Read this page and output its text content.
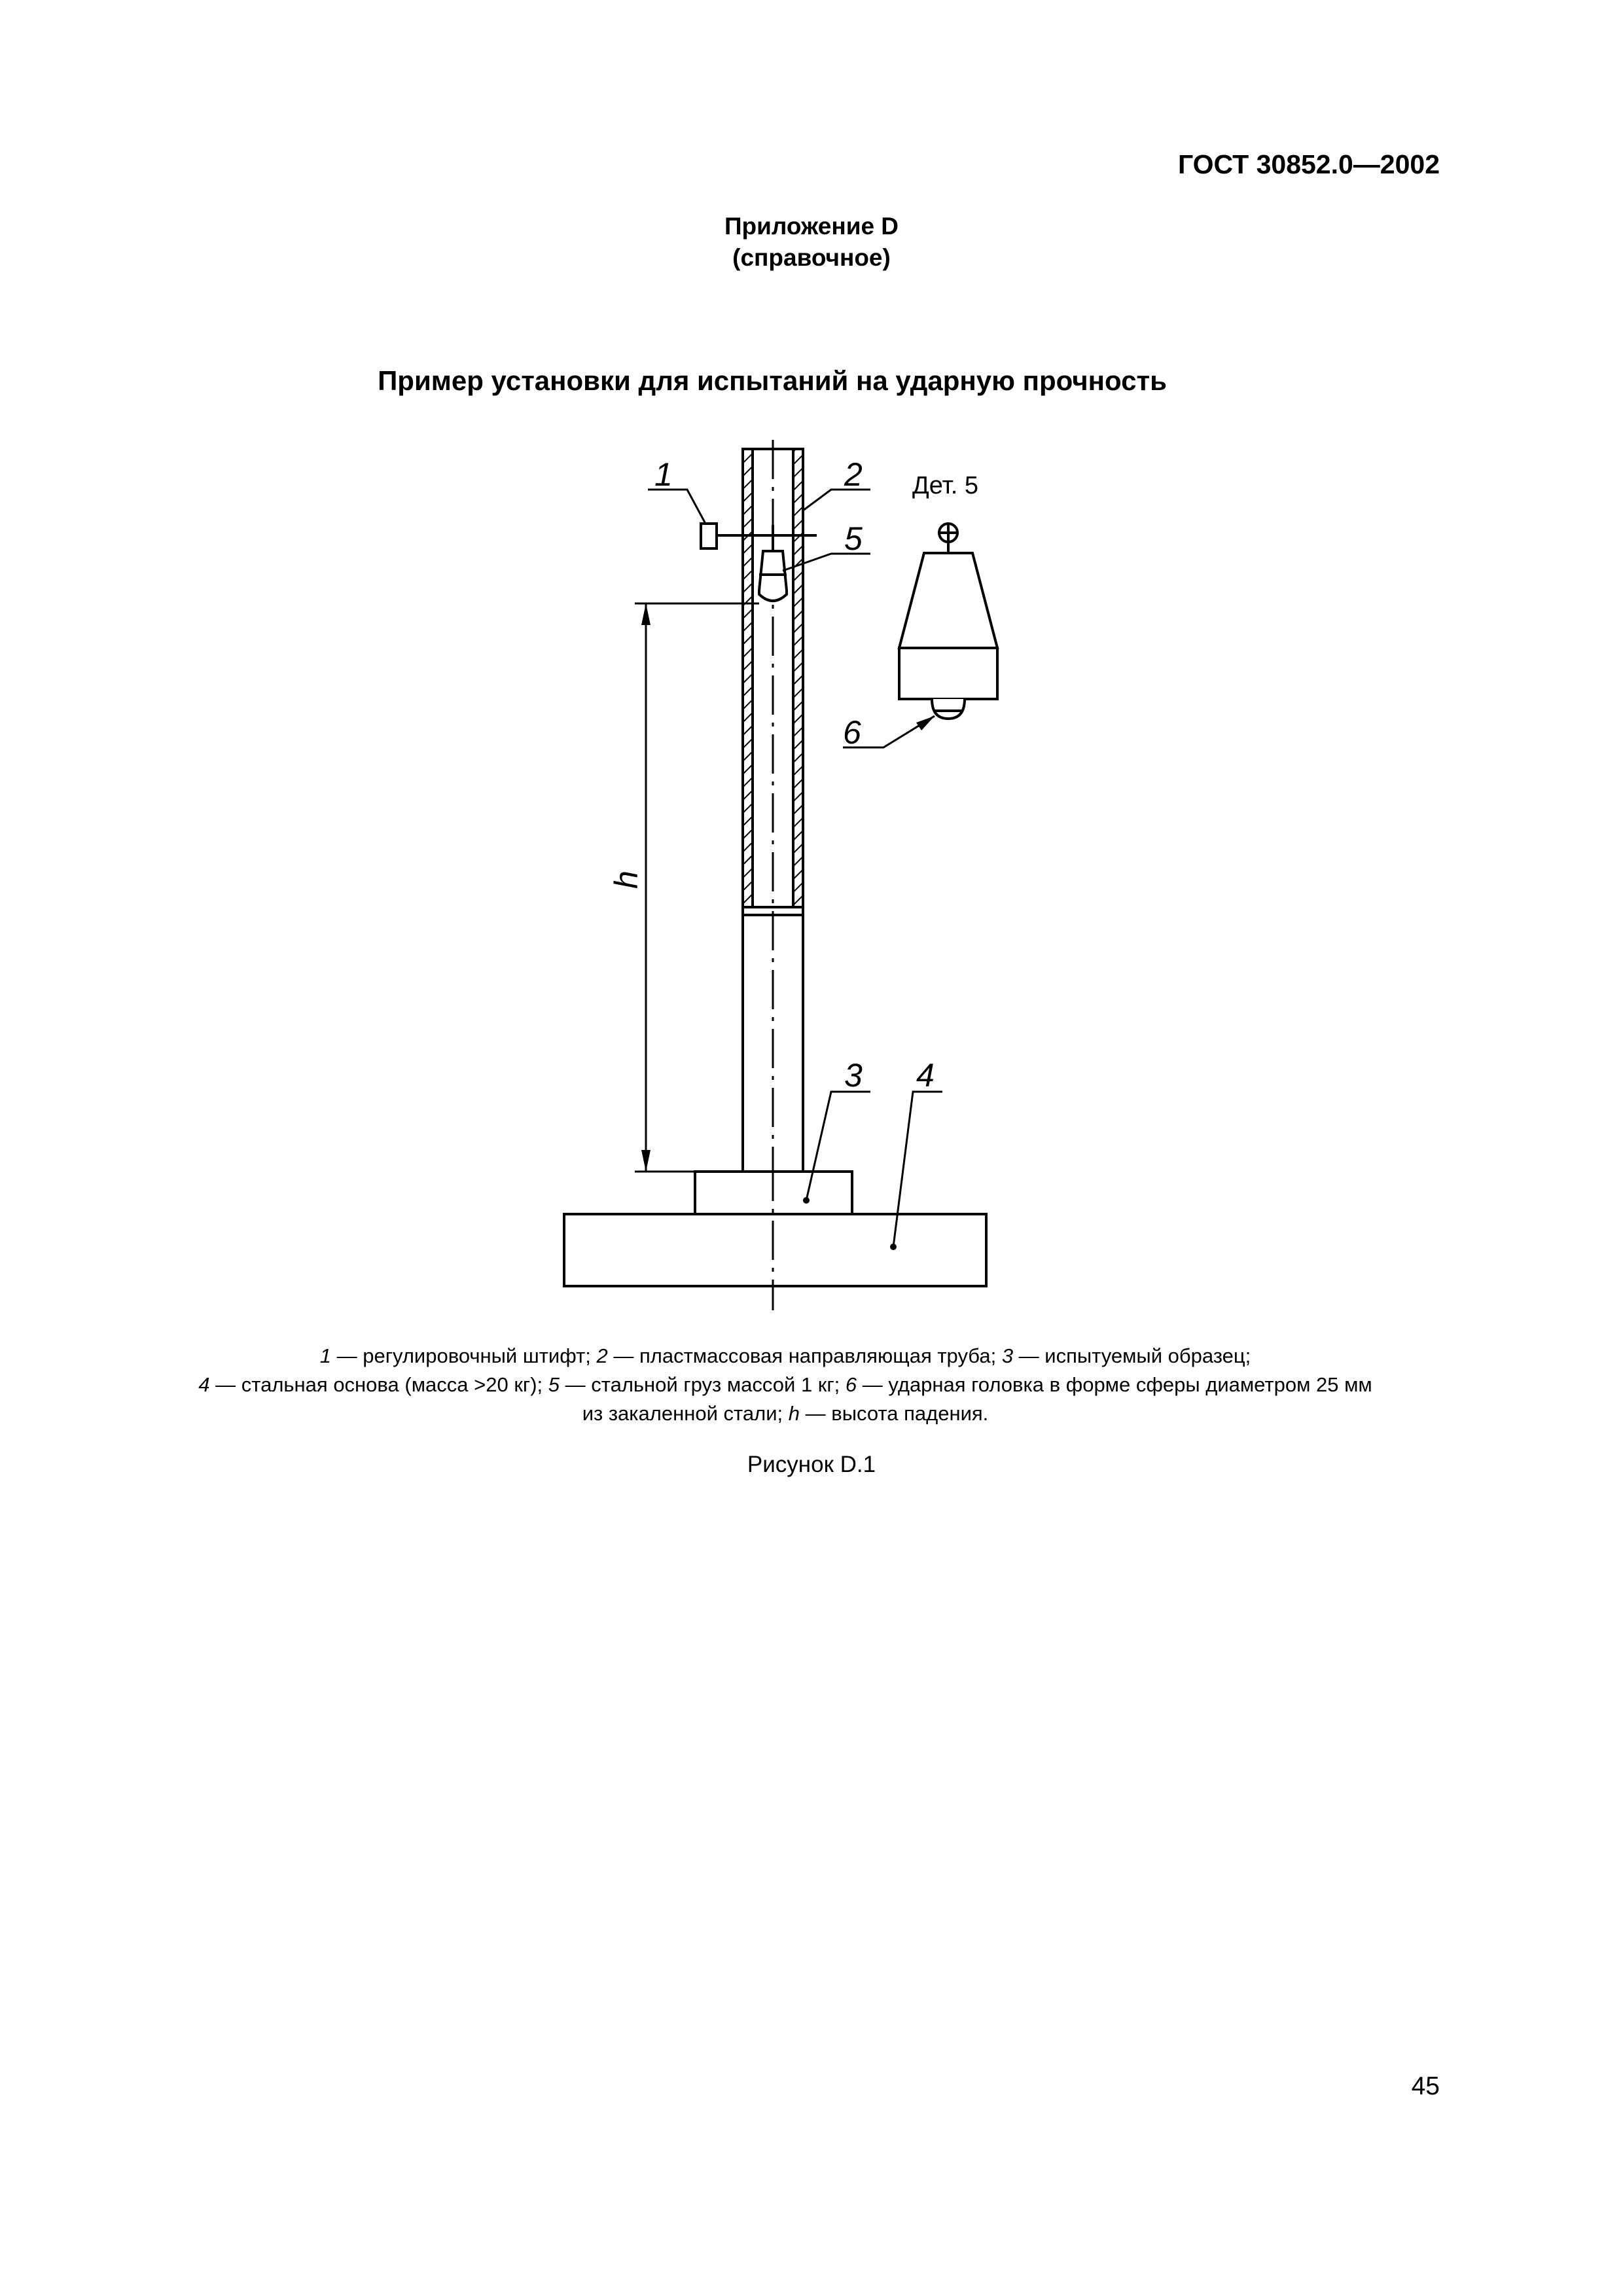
ГОСТ 30852.0—2002
Приложение D
(справочное)
Пример установки для испытаний на ударную прочность
1	2
5
6
3 4
Дет. 5
h
1 — регулировочный штифт; 2 — пластмассовая направляющая труба; 3 — испытуемый образец;
4 — стальная основа (масса >20 кг); 5 — стальной груз массой 1 кг; 6 — ударная головка в форме сферы диаметром 25 мм
из закаленной стали; h — высота падения.
Рисунок D.1
45
